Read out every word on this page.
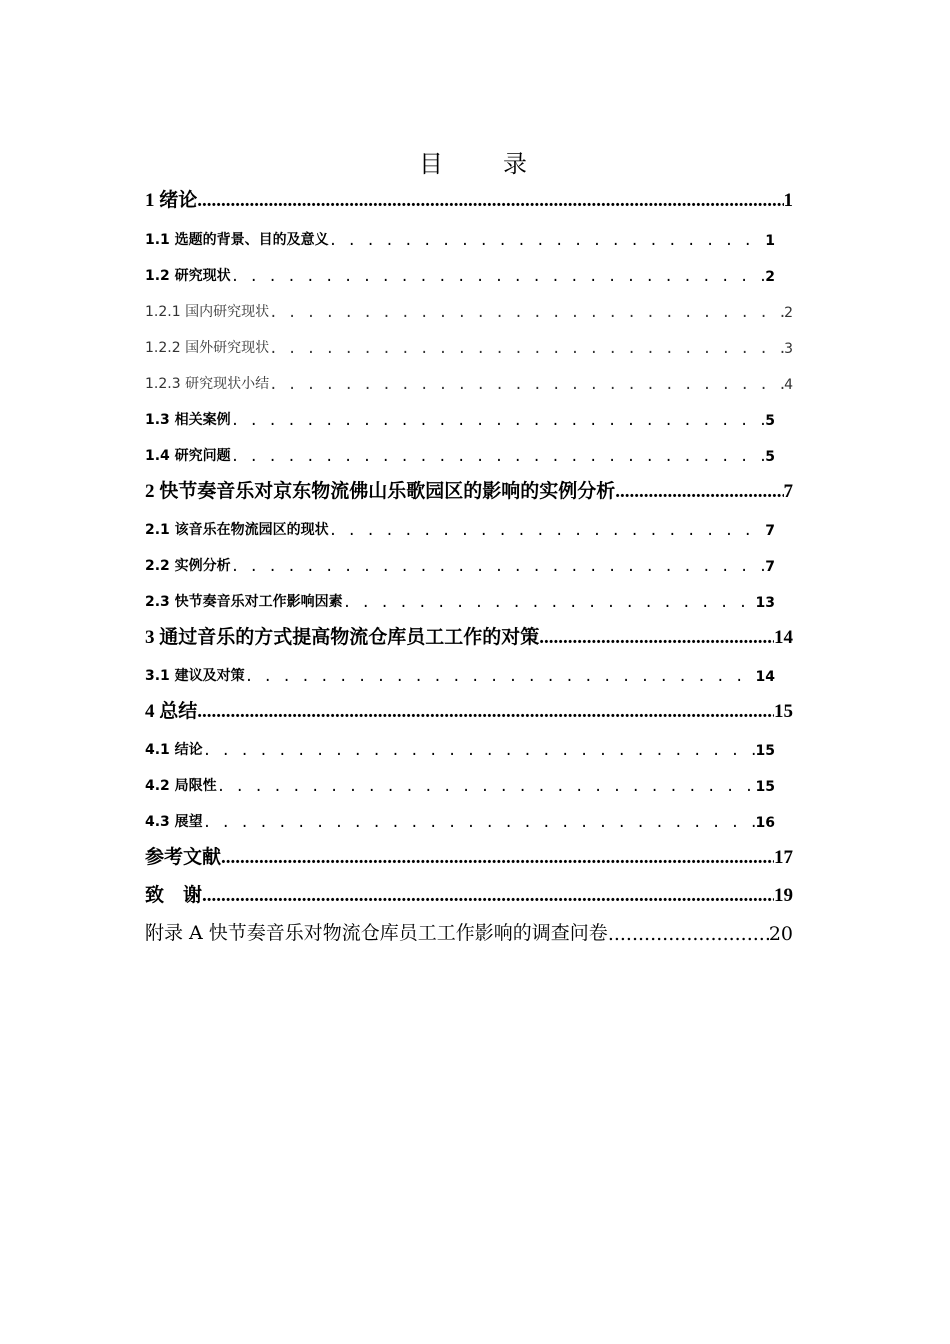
目　　录
1 绪论 .....	1
1.1 选题的背景、目的及意义 . . .	1
1.2 研究现状 . . .	2
1.2.1 国内研究现状 . . .	2
1.2.2 国外研究现状 . . .	3
1.2.3 研究现状小结 . . .	4
1.3 相关案例 . . .	5
1.4 研究问题 . . .	5
2 快节奏音乐对京东物流佛山乐歌园区的影响的实例分析 .....	7
2.1 该音乐在物流园区的现状 . . .	7
2.2 实例分析 . . .	7
2.3 快节奏音乐对工作影响因素 . . .	13
3 通过音乐的方式提高物流仓库员工工作的对策 .....	14
3.1 建议及对策 . . .	14
4 总结 .....	15
4.1 结论 . . .	15
4.2 局限性 . . .	15
4.3 展望 . . .	16
参考文献 .....	17
致　谢 .....	19
附录 A 快节奏音乐对物流仓库员工工作影响的调查问卷 .....	20
